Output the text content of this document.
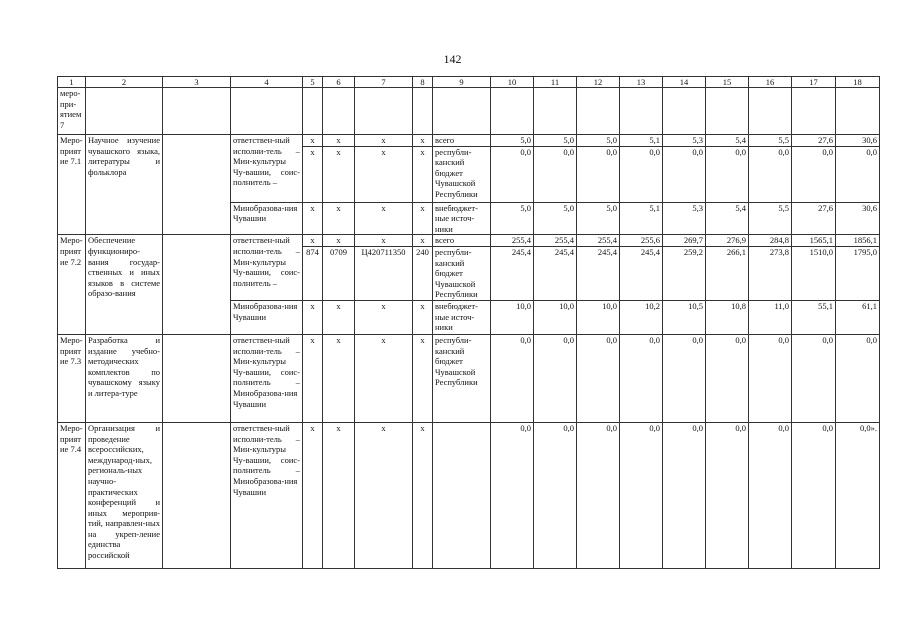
142
1	2	3	4	5	6	7	8	9	10	11	12	13	14	15	16	17	18
меро-при-ятием 7																	
Меро-приятие 7.1	Научное изучение чувашского языка, литературы и фольклора		ответствен-ный исполни-тель – Мин-культуры Чу-вашии, соис-полнитель –	х	х	х	х	всего	5,0	5,0	5,0	5,1	5,3	5,4	5,5	27,6	30,6
				х	х	х	х	республи-канский бюджет Чувашской Республики	0,0	0,0	0,0	0,0	0,0	0,0	0,0	0,0	0,0
			Минобразова-ния Чувашии	х	х	х	х	внебюджет-ные источ-ники	5,0	5,0	5,0	5,1	5,3	5,4	5,5	27,6	30,6
Меро-приятие 7.2	Обеспечение функциониро-вания государ-ственных и иных языков в системе образо-вания		ответствен-ный исполни-тель – Мин-культуры Чу-вашии, соис-полнитель –	х	х	х	х	всего	255,4	255,4	255,4	255,6	269,7	276,9	284,8	1565,1	1856,1
				874	0709	Ц420711350	240	республи-канский бюджет Чувашской Республики	245,4	245,4	245,4	245,4	259,2	266,1	273,8	1510,0	1795,0
			Минобразова-ния Чувашии	х	х	х	х	внебюджет-ные источ-ники	10,0	10,0	10,0	10,2	10,5	10,8	11,0	55,1	61,1
Меро-приятие 7.3	Разработка и издание учебно-методических комплектов по чувашскому языку и литера-туре		ответствен-ный исполни-тель – Мин-культуры Чу-вашии, соис-полнитель – Минобразова-ния Чувашии	х	х	х	х	республи-канский бюджет Чувашской Республики	0,0	0,0	0,0	0,0	0,0	0,0	0,0	0,0	0,0
Меро-приятие 7.4	Организация и проведение всероссийских, международ-ных, региональ-ных научно-практических конференций и иных мероприя-тий, направлен-ных на укреп-ление единства российской		ответствен-ный исполни-тель – Мин-культуры Чу-вашии, соис-полнитель – Минобразова-ния Чувашии	х	х	х	х		0,0	0,0	0,0	0,0	0,0	0,0	0,0	0,0	0,0».
